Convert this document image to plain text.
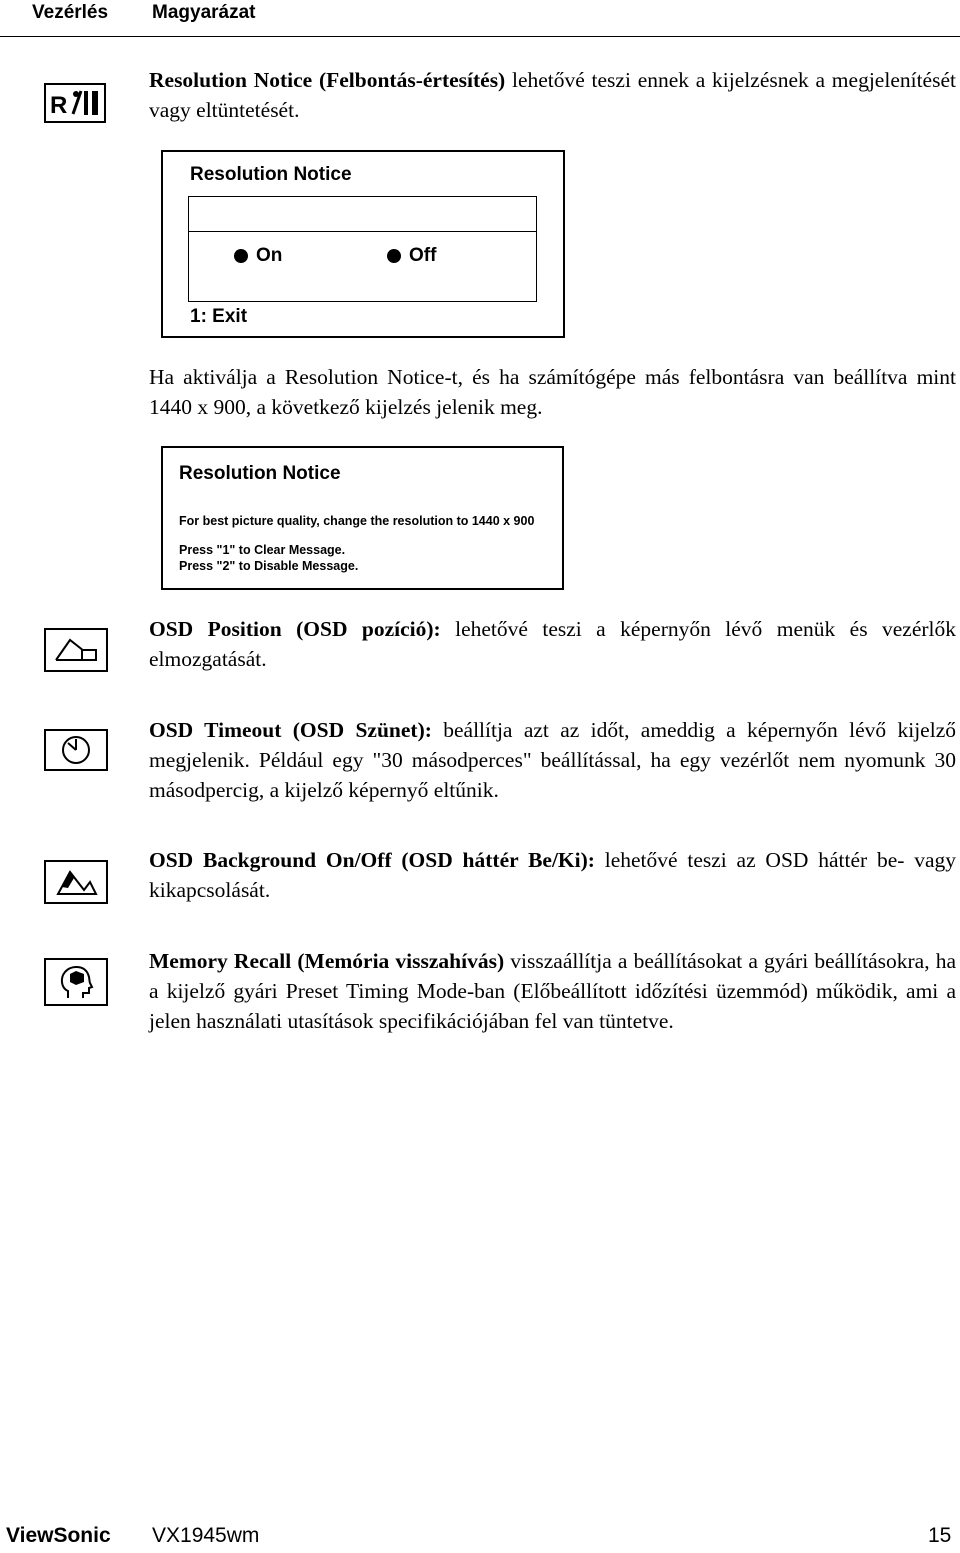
Vezérlés Magyarázat
R

Resolution Notice (Felbontás-értesítés) lehetővé teszi ennek a kijelzésnek a megjelenítését vagy eltüntetését.

Resolution Notice
On	Off
1: Exit

Ha aktiválja a Resolution Notice-t, és ha számítógépe más felbontásra van beállítva mint 1440 x 900, a következő kijelzés jelenik meg.

Resolution Notice
For best picture quality, change the resolution to 1440 x 900
Press "1" to Clear Message.
Press "2" to Disable Message.

OSD Position (OSD pozíció): lehetővé teszi a képernyőn lévő menük és vezérlők elmozgatását.

OSD Timeout (OSD Szünet): beállítja azt az időt, ameddig a képernyőn lévő kijelző megjelenik. Például egy "30 másodperces" beállítással, ha egy vezérlőt nem nyomunk 30 másodpercig, a kijelző képernyő eltűnik.

OSD Background On/Off (OSD háttér Be/Ki): lehetővé teszi az OSD háttér be- vagy kikapcsolását.

Memory Recall (Memória visszahívás) visszaállítja a beállításokat a gyári beállításokra, ha a kijelző gyári Preset Timing Mode-ban (Előbeállított időzítési üzemmód) működik, ami a jelen használati utasítások specifikációjában fel van tüntetve.

ViewSonic VX1945wm	15
